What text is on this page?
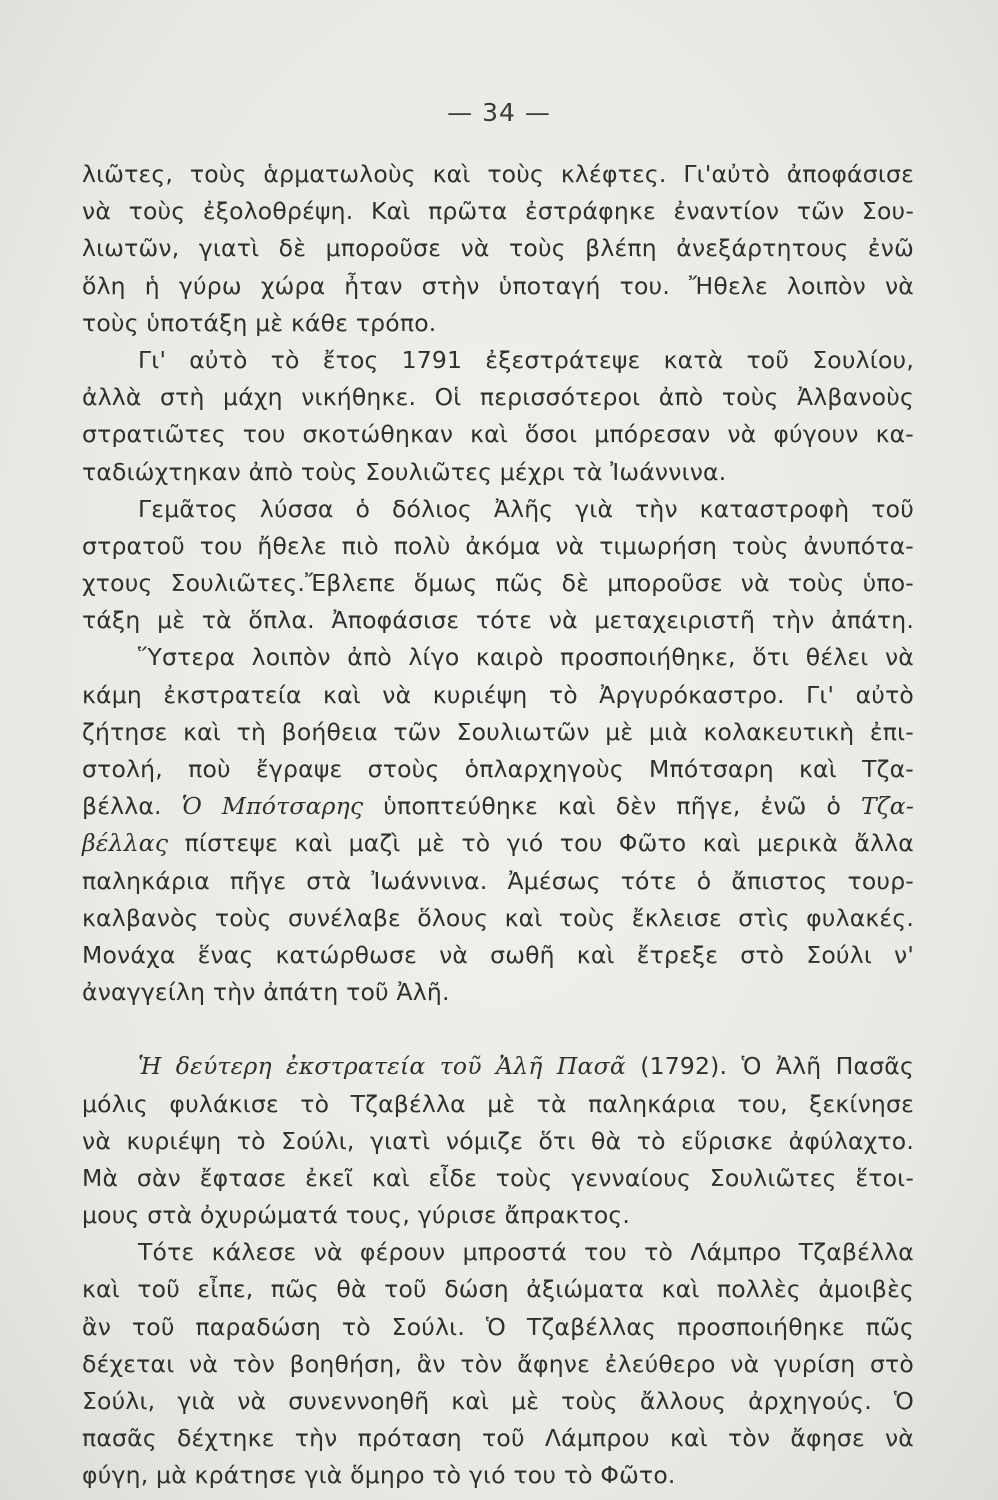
— 34 —
λιῶτες, τοὺς ἁρματωλοὺς καὶ τοὺς κλέφτες. Γι'αὐτὸ ἀποφάσισε
νὰ τοὺς ἐξολοθρέψη. Καὶ πρῶτα ἐστράφηκε ἐναντίον τῶν Σου-
λιωτῶν, γιατὶ δὲ μποροῦσε νὰ τοὺς βλέπη ἀνεξάρτητους ἐνῶ
ὅλη ἡ γύρω χώρα ἦταν στὴν ὑποταγή του. Ἤθελε λοιπὸν νὰ
τοὺς ὑποτάξη μὲ κάθε τρόπο.
Γι' αὐτὸ τὸ ἔτος 1791 ἐξεστράτεψε κατὰ τοῦ Σουλίου,
ἀλλὰ στὴ μάχη νικήθηκε. Οἱ περισσότεροι ἀπὸ τοὺς Ἀλβανοὺς
στρατιῶτες του σκοτώθηκαν καὶ ὅσοι μπόρεσαν νὰ φύγουν κα-
ταδιώχτηκαν ἀπὸ τοὺς Σουλιῶτες μέχρι τὰ Ἰωάννινα.
Γεμᾶτος λύσσα ὁ δόλιος Ἀλῆς γιὰ τὴν καταστροφὴ τοῦ
στρατοῦ του ἤθελε πιὸ πολὺ ἀκόμα νὰ τιμωρήση τοὺς ἀνυπότα-
χτους Σουλιῶτες.Ἔβλεπε ὅμως πῶς δὲ μποροῦσε νὰ τοὺς ὑπο-
τάξη μὲ τὰ ὅπλα. Ἀποφάσισε τότε νὰ μεταχειριστῆ τὴν ἀπάτη.
Ὕστερα λοιπὸν ἀπὸ λίγο καιρὸ προσποιήθηκε, ὅτι θέλει νὰ
κάμη ἐκστρατεία καὶ νὰ κυριέψη τὸ Ἀργυρόκαστρο. Γι' αὐτὸ
ζήτησε καὶ τὴ βοήθεια τῶν Σουλιωτῶν μὲ μιὰ κολακευτικὴ ἐπι-
στολή, ποὺ ἔγραψε στοὺς ὁπλαρχηγοὺς Μπότσαρη καὶ Τζα-
βέλλα. Ὁ Μπότσαρης ὑποπτεύθηκε καὶ δὲν πῆγε, ἐνῶ ὁ Τζα-
βέλλας πίστεψε καὶ μαζὶ μὲ τὸ γιό του Φῶτο καὶ μερικὰ ἄλλα
παληκάρια πῆγε στὰ Ἰωάννινα. Ἀμέσως τότε ὁ ἄπιστος τουρ-
καλβανὸς τοὺς συνέλαβε ὅλους καὶ τοὺς ἔκλεισε στὶς φυλακές.
Μονάχα ἕνας κατώρθωσε νὰ σωθῆ καὶ ἔτρεξε στὸ Σούλι ν'
ἀναγγείλη τὴν ἀπάτη τοῦ Ἀλῆ.
Ἡ δεύτερη ἐκστρατεία τοῦ Ἀλῆ Πασᾶ (1792). Ὁ Ἀλῆ Πασᾶς
μόλις φυλάκισε τὸ Τζαβέλλα μὲ τὰ παληκάρια του, ξεκίνησε
νὰ κυριέψη τὸ Σούλι, γιατὶ νόμιζε ὅτι θὰ τὸ εὕρισκε ἀφύλαχτο.
Μὰ σὰν ἔφτασε ἐκεῖ καὶ εἶδε τοὺς γενναίους Σουλιῶτες ἕτοι-
μους στὰ ὀχυρώματά τους, γύρισε ἄπρακτος.
Τότε κάλεσε νὰ φέρουν μπροστά του τὸ Λάμπρο Τζαβέλλα
καὶ τοῦ εἶπε, πῶς θὰ τοῦ δώση ἀξιώματα καὶ πολλὲς ἀμοιβὲς
ἂν τοῦ παραδώση τὸ Σούλι. Ὁ Τζαβέλλας προσποιήθηκε πῶς
δέχεται νὰ τὸν βοηθήση, ἂν τὸν ἄφηνε ἐλεύθερο νὰ γυρίση στὸ
Σούλι, γιὰ νὰ συνεννοηθῆ καὶ μὲ τοὺς ἄλλους ἀρχηγούς. Ὁ
πασᾶς δέχτηκε τὴν πρόταση τοῦ Λάμπρου καὶ τὸν ἄφησε νὰ
φύγη, μὰ κράτησε γιὰ ὅμηρο τὸ γιό του τὸ Φῶτο.
